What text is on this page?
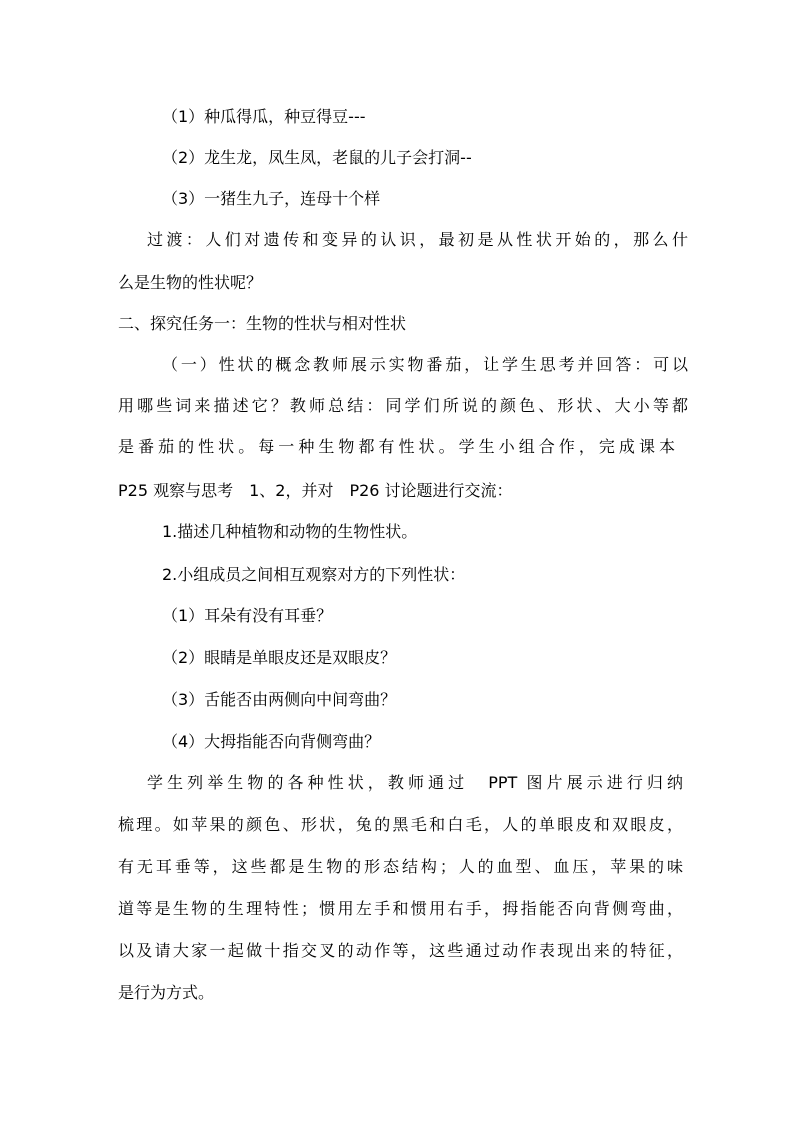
（1）种瓜得瓜，种豆得豆---
（2）龙生龙，凤生凤，老鼠的儿子会打洞--
（3）一猪生九子，连母十个样
过渡：人们对遗传和变异的认识，最初是从性状开始的，那么什
么是生物的性状呢？
二、探究任务一：生物的性状与相对性状
（一）性状的概念教师展示实物番茄，让学生思考并回答：可以
用哪些词来描述它？教师总结：同学们所说的颜色、形状、大小等都
是番茄的性状。每一种生物都有性状。学生小组合作，完成课本
P25 观察与思考　1、2，并对　P26 讨论题进行交流：
1.描述几种植物和动物的生物性状。
2.小组成员之间相互观察对方的下列性状：
（1）耳朵有没有耳垂？
（2）眼睛是单眼皮还是双眼皮？
（3）舌能否由两侧向中间弯曲？
（4）大拇指能否向背侧弯曲？
学生列举生物的各种性状，教师通过　PPT 图片展示进行归纳
梳理。如苹果的颜色、形状，兔的黑毛和白毛，人的单眼皮和双眼皮，
有无耳垂等，这些都是生物的形态结构；人的血型、血压，苹果的味
道等是生物的生理特性；惯用左手和惯用右手，拇指能否向背侧弯曲，
以及请大家一起做十指交叉的动作等，这些通过动作表现出来的特征，
是行为方式。
